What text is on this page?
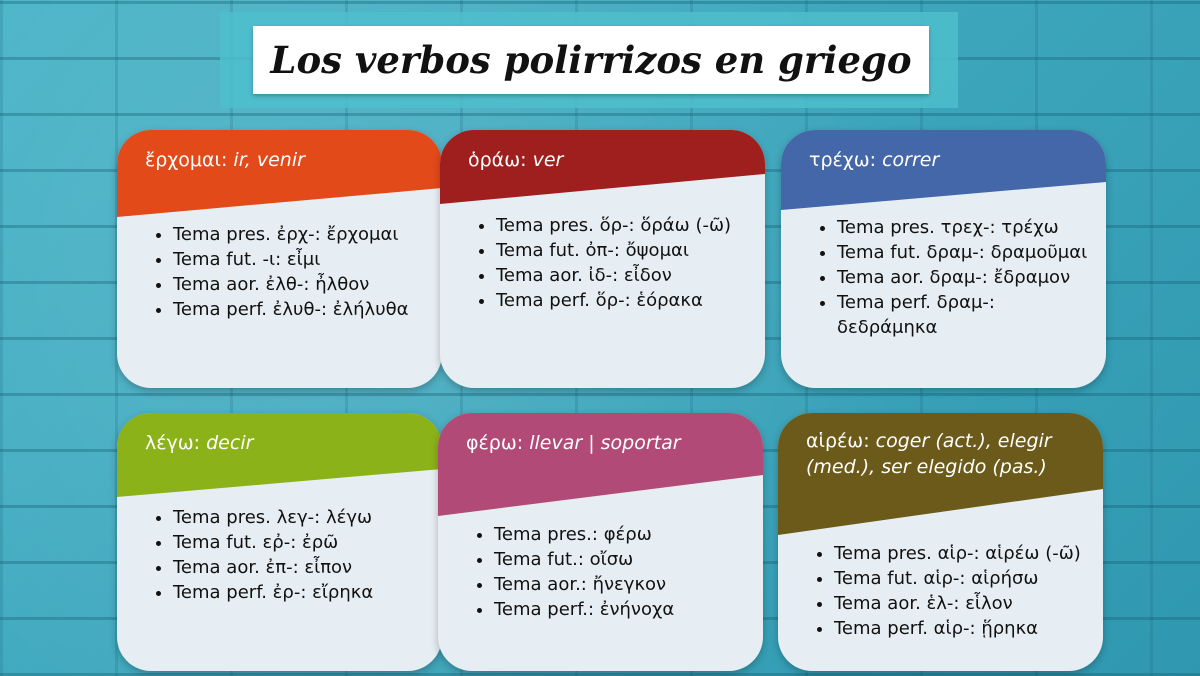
Los verbos polirrizos en griego
ἔρχομαι: ir, venir
• Tema pres. ἐρχ-: ἔρχομαι
• Tema fut. -ι: εἶμι
• Tema aor. ἐλθ-: ἦλθον
• Tema perf. ἐλυθ-: ἐλήλυθα
ὁράω: ver
• Tema pres. ὅρ-: ὅράω (-ῶ)
• Tema fut. ὀπ-: ὄψομαι
• Tema aor. ἰδ-: εἶδον
• Tema perf. ὅρ-: ἑόρακα
τρέχω: correr
• Tema pres. τρεχ-: τρέχω
• Tema fut. δραμ-: δραμοῦμαι
• Tema aor. δραμ-: ἔδραμον
• Tema perf. δραμ-: δεδράμηκα
λέγω: decir
• Tema pres. λεγ-: λέγω
• Tema fut. εῤ-: ἐρῶ
• Tema aor. ἐπ-: εἶπον
• Tema perf. ἐρ-: εἴρηκα
φέρω: llevar | soportar
• Tema pres.: φέρω
• Tema fut.: οἴσω
• Tema aor.: ἤνεγκον
• Tema perf.: ἐνήνοχα
αἱρέω: coger (act.), elegir (med.), ser elegido (pas.)
• Tema pres. αἱρ-: αἱρέω (-ῶ)
• Tema fut. αἱρ-: αἱρήσω
• Tema aor. ἑλ-: εἷλον
• Tema perf. αἱρ-: ᾕρηκα
